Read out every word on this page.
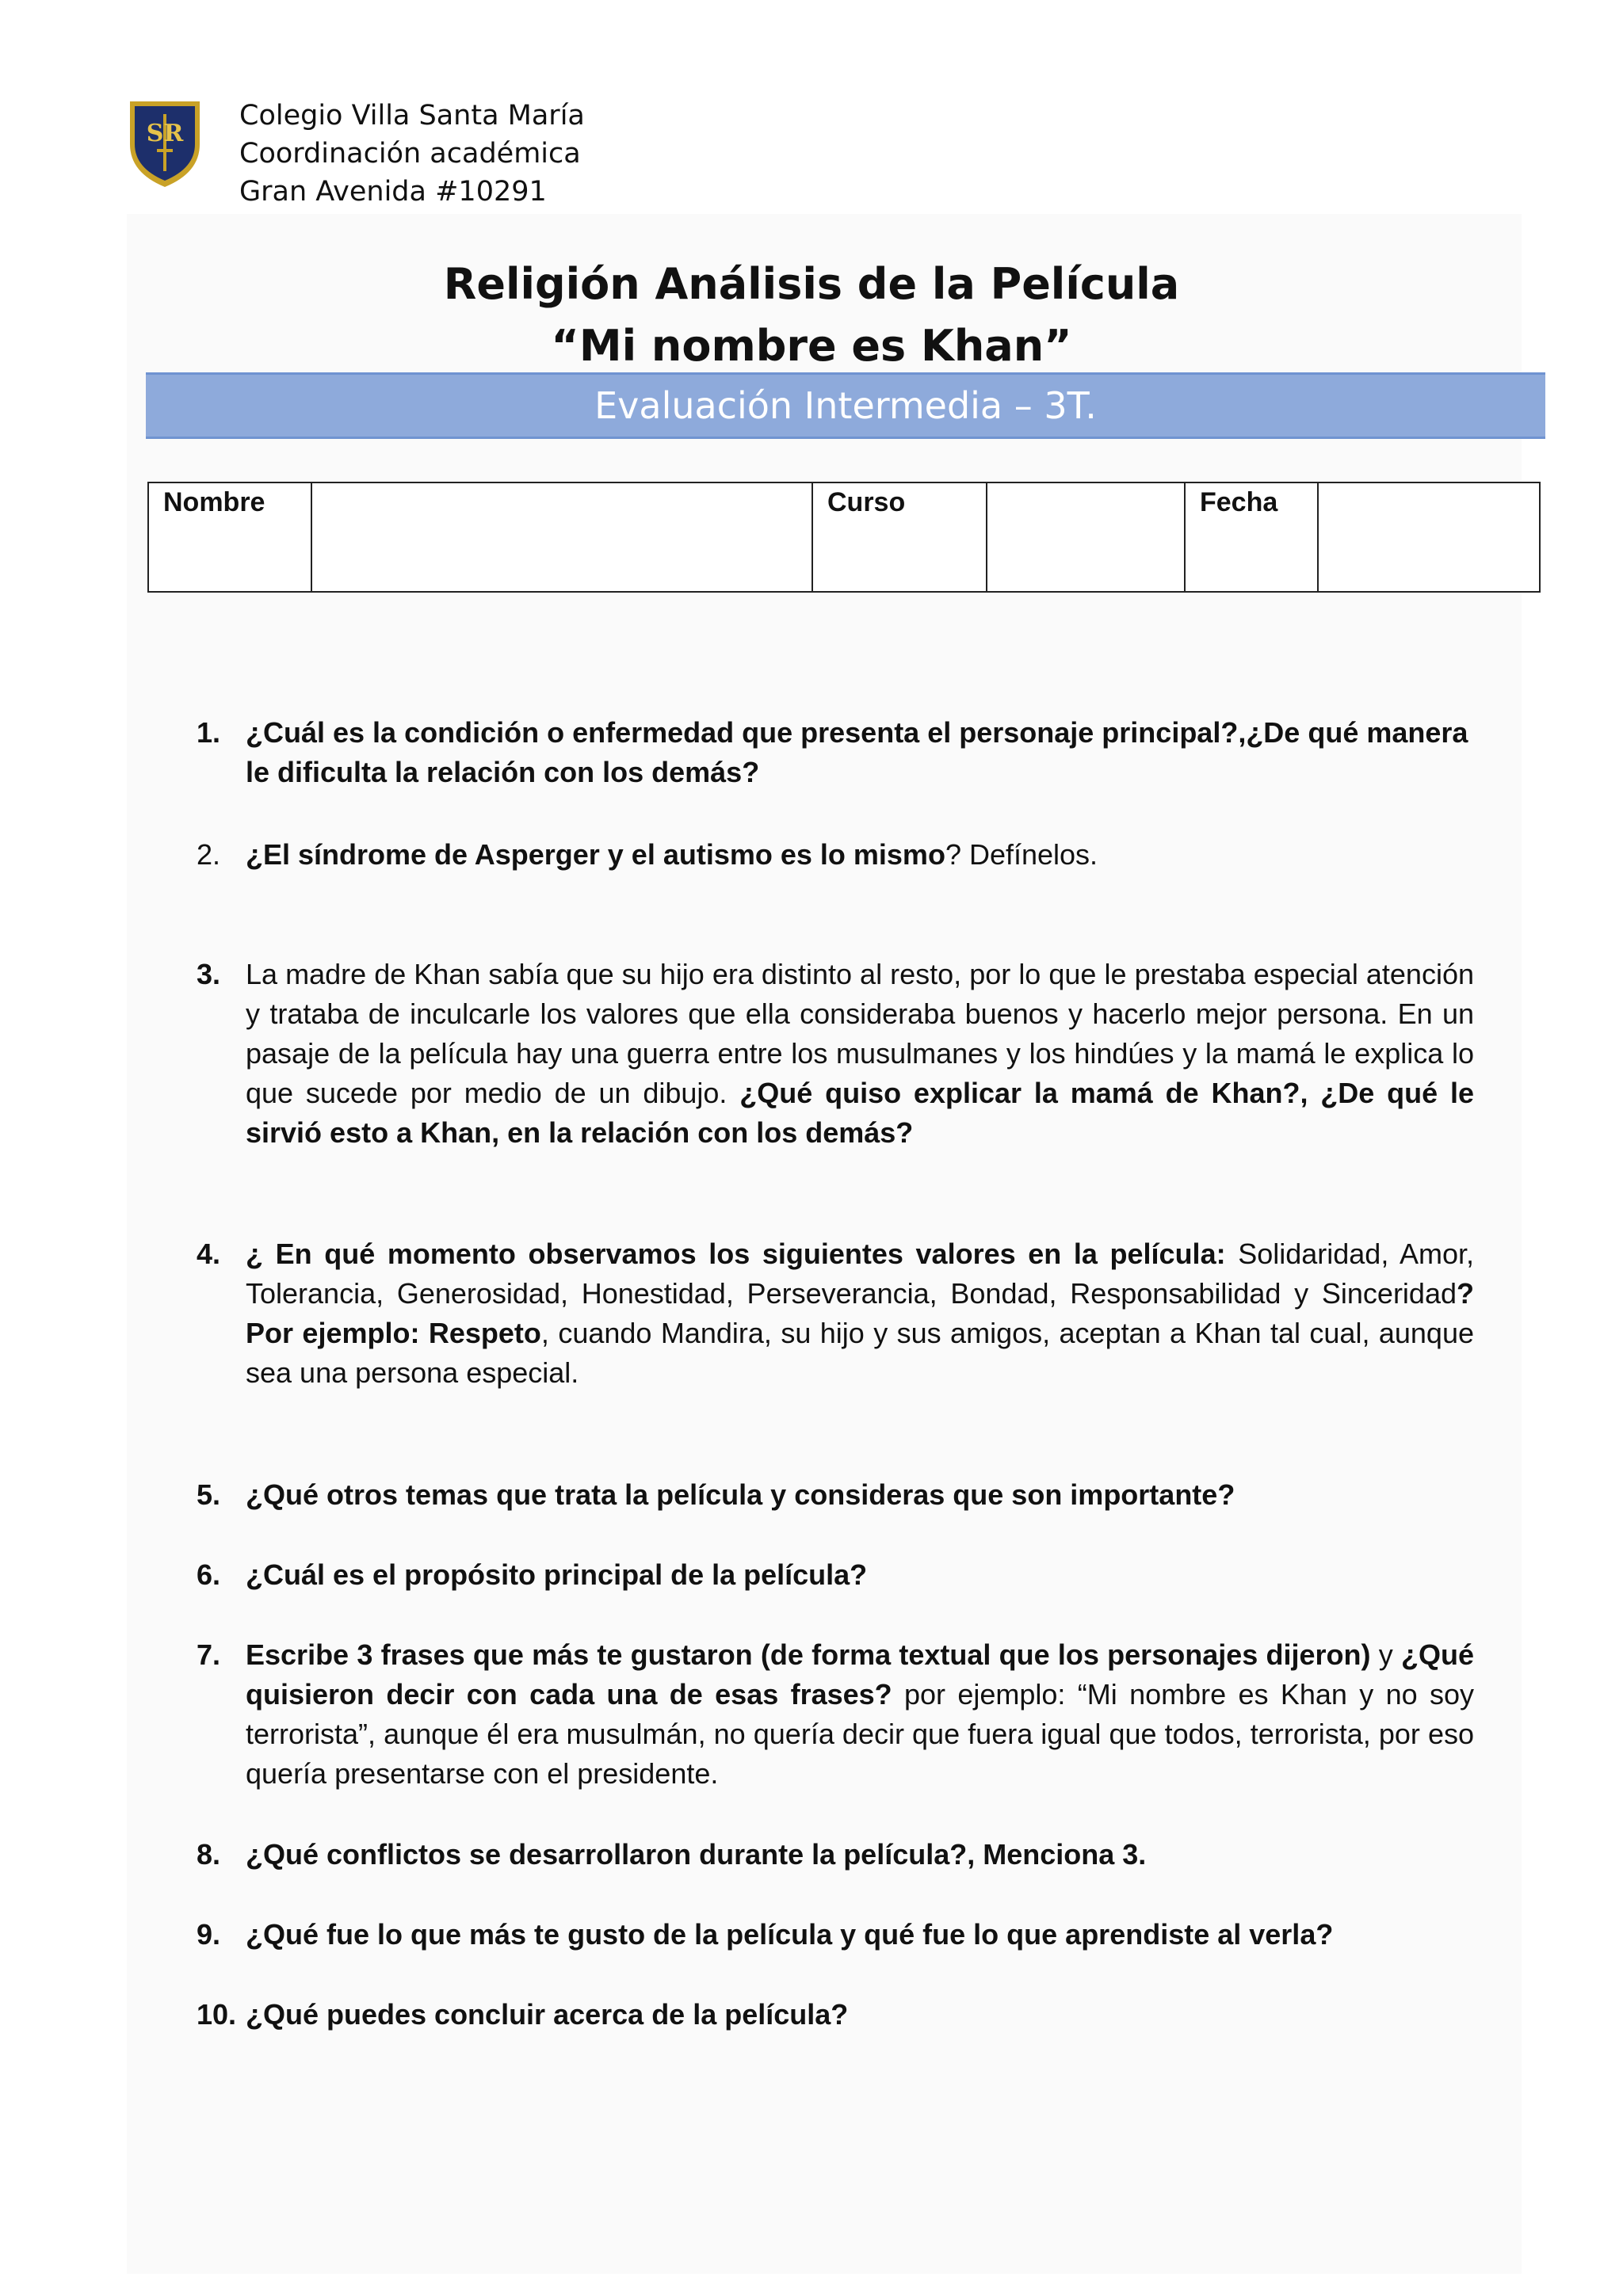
SR
Colegio Villa Santa María
Coordinación académica
Gran Avenida #10291
Religión Análisis de la Película
“Mi nombre es Khan”
Evaluación Intermedia – 3T.
Nombre		Curso		Fecha	
1. ¿Cuál es la condición o enfermedad que presenta el personaje principal?,¿De qué manera le dificulta la relación con los demás?
2. ¿El síndrome de Asperger y el autismo es lo mismo? Defínelos.
3. La madre de Khan sabía que su hijo era distinto al resto, por lo que le prestaba especial atención y trataba de inculcarle los valores que ella consideraba buenos y hacerlo mejor persona. En un pasaje de la película hay una guerra entre los musulmanes y los hindúes y la mamá le explica lo que sucede por medio de un dibujo. ¿Qué quiso explicar la mamá de Khan?, ¿De qué le sirvió esto a Khan, en la relación con los demás?
4. ¿ En qué momento observamos los siguientes valores en la película: Solidaridad, Amor, Tolerancia, Generosidad, Honestidad, Perseverancia, Bondad, Responsabilidad y Sinceridad? Por ejemplo: Respeto, cuando Mandira, su hijo y sus amigos, aceptan a Khan tal cual, aunque sea una persona especial.
5. ¿Qué otros temas que trata la película y consideras que son importante?
6. ¿Cuál es el propósito principal de la película?
7. Escribe 3 frases que más te gustaron (de forma textual que los personajes dijeron) y ¿Qué quisieron decir con cada una de esas frases? por ejemplo: “Mi nombre es Khan y no soy terrorista”, aunque él era musulmán, no quería decir que fuera igual que todos, terrorista, por eso quería presentarse con el presidente.
8. ¿Qué conflictos se desarrollaron durante la película?, Menciona 3.
9. ¿Qué fue lo que más te gusto de la película y qué fue lo que aprendiste al verla?
10. ¿Qué puedes concluir acerca de la película?
